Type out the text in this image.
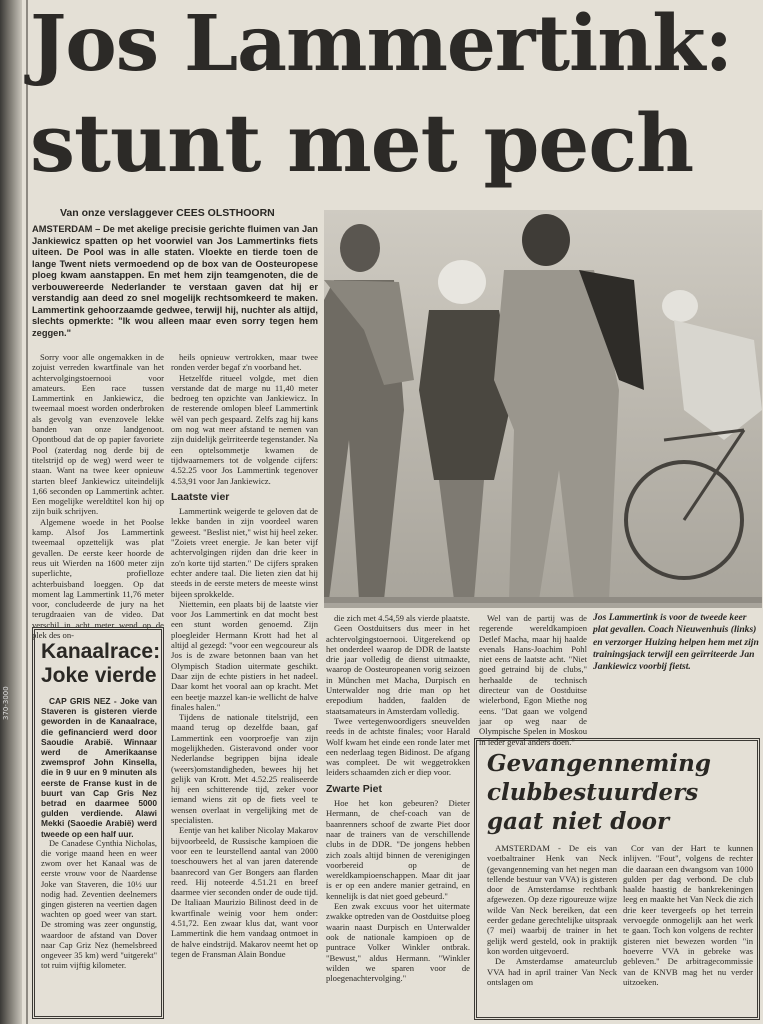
370-3000
Jos Lammertink:
stunt met pech
Van onze verslaggever CEES OLSTHOORN
AMSTERDAM – De met akelige precisie gerichte fluimen van Jan Jankiewicz spatten op het voorwiel van Jos Lammertinks fiets uiteen. De Pool was in alle staten. Vloekte en tierde toen de lange Twent niets vermoedend op de box van de Oosteuropese ploeg kwam aanstappen. En met hem zijn teamgenoten, die de verbouwereerde Nederlander te verstaan gaven dat hij er verstandig aan deed zo snel mogelijk rechtsomkeerd te maken. Lammertink gehoorzaamde gedwee, terwijl hij, nuchter als altijd, slechts opmerkte: "Ik wou alleen maar even sorry tegen hem zeggen."

Sorry voor alle ongemakken in de zojuist verreden kwartfinale van het achtervolgingstoernooi voor amateurs. Een race tussen Lammertink en Jankiewicz, die tweemaal moest worden onderbroken als gevolg van evenzovele lekke banden van onze landgenoot. Opontboud dat de op papier favoriete Pool (zaterdag nog derde bij de titelstrijd op de weg) werd weer te staan. Want na twee keer opnieuw starten bleef Jankiewicz uiteindelijk 1,66 seconden op Lammertink achter. Een mogelijke wereldtitel kon hij op zijn buik schrijven.

Algemene woede in het Poolse kamp. Alsof Jos Lammertink tweemaal opzettelijk was plat gevallen. De eerste keer hoorde de reus uit Wierden na 1600 meter zijn superlichte, profielloze achterbuisband loeggen. Op dat moment lag Lammertink 11,76 meter voor, concludeerde de jury na het terugdraaien van de video. Dat verschil in acht meter wend op de plek des on-

heils opnieuw vertrokken, maar twee ronden verder begaf z'n voorband het.

Hetzelfde ritueel volgde, met dien verstande dat de marge nu 11,40 meter bedroeg ten opzichte van Jankiewicz. In de resterende omlopen bleef Lammertink wèl van pech gespaard. Zelfs zag hij kans om nog wat meer afstand te nemen van zijn duidelijk geïrriteerde tegenstander. Na een optelsommetje kwamen de tijdwaarnemers tot de volgende cijfers: 4.52.25 voor Jos Lammertink tegenover 4.53,91 voor Jan Jankiewicz.

Laatste vier

Lammertink weigerde te geloven dat de lekke banden in zijn voordeel waren geweest. "Beslist niet," wist hij heel zeker. "Zoiets vreet energie. Je kan beter vijf achtervolgingen rijden dan drie keer in zo'n korte tijd starten." De cijfers spraken echter andere taal. Die lieten zien dat hij steeds in de eerste meters de meeste winst bijeen sprokkelde.

Niettemin, een plaats bij de laatste vier voor Jos Lammertink en dat mocht best een stunt worden genoemd. Zijn ploegleider Hermann Krott had het al altijd al gezegd: "voor een wegcoureur als Jos is de zware betonnen baan van het Olympisch Stadion uitermate geschikt. Daar zijn de echte pistiers in het nadeel. Daar komt het vooral aan op kracht. Met een beetje mazzel kan-ie wellicht de halve finales halen."

Tijdens de nationale titelstrijd, een maand terug op dezelfde baan, gaf Lammertink een voorproefje van zijn mogelijkheden. Gisteravond onder voor Nederlandse begrippen bijna ideale (weers)omstandigheden, bewees hij het gelijk van Krott. Met 4.52.25 realiseerde hij een schitterende tijd, zeker voor iemand wiens zit op de fiets veel te wensen overlaat in vergelijking met de specialisten.

Eentje van het kaliber Nicolay Makarov bijvoorbeeld, de Russische kampioen die voor een te leurstellend aantal van 2000 toeschouwers het al van jaren daterende baanrecord van Ger Bongers aan flarden reed. Hij noteerde 4.51.21 en breef daarmee vier seconden onder de oude tijd. De Italiaan Maurizio Bilinost deed in de kwartfinale weinig voor hem onder: 4.51,72. Een zwaar klus dat, want voor Lammertink die hem vandaag ontmoet in de halve eindstrijd. Makarov neemt het op tegen de Fransman Alain Bondue

die zich met 4.54,59 als vierde plaatste.

Geen Oostduitsers dus meer in het achtervolgingstoernooi. Uitgerekend op het onderdeel waarop de DDR de laatste drie jaar volledig de dienst uitmaakte, waarop de Oosteuropeanen vorig seizoen in München met Macha, Durpisch en Unterwalder nog drie man op het erepodium hadden, faalden de staatsamateurs in Amsterdam volledig.

Twee vertegenwoordigers sneuvelden reeds in de achtste finales; voor Harald Wolf kwam het einde een ronde later met een nederlaag tegen Bidinost. De afgang was compleet. De wit weggetrokken leiders schaamden zich er diep voor.

Zwarte Piet

Hoe het kon gebeuren? Dieter Hermann, de chef-coach van de baanrenners schoof de zwarte Piet door naar de trainers van de verschillende clubs in de DDR. "De jongens hebben zich zoals altijd binnen de verenigingen voorbereid op de wereldkampioenschappen. Maar dit jaar is er op een andere manier getraind, en kennelijk is dat niet goed gebeurd."

Een zwak excuus voor het uitermate zwakke optreden van de Oostduitse ploeg waarin naast Durpisch en Unterwalder ook de nationale kampioen op de puntrace Volker Winkler ontbrak. "Bewust," aldus Hermann. "Winkler wilden we sparen voor de ploegenachtervolging."

Wel van de partij was de regerende wereldkampioen Detlef Macha, maar hij haalde evenals Hans-Joachim Pohl niet eens de laatste acht. "Niet goed getraind bij de clubs," herhaalde de technisch directeur van de Oostduitse wielerbond, Egon Miethe nog eens. "Dat gaan we volgend jaar op weg naar de Olympische Spelen in Moskou in ieder geval anders doen."

Jos Lammertink is voor de tweede keer plat gevallen. Coach Nieuwenhuis (links) en verzorger Huizing helpen hem met zijn trainingsjack terwijl een geïrriteerde Jan Jankiewicz voorbij fietst.
Kanaalrace: Joke vierde

CAP GRIS NEZ - Joke van Staveren is gisteren vierde geworden in de Kanaalrace, die gefinancierd werd door Saoudie Arabië. Winnaar werd de Amerikaanse zwemsprof John Kinsella, die in 9 uur en 9 minuten als eerste de Franse kust in de buurt van Cap Gris Nez betrad en daarmee 5000 gulden verdiende. Alawi Mekki (Saoedie Arabië) werd tweede op een half uur.

De Canadese Cynthia Nicholas, die vorige maand heen en weer zwom over het Kanaal was de eerste vrouw voor de Naardense Joke van Staveren, die 10½ uur nodig had. Zeventien deelnemers gingen gisteren na veertien dagen wachten op goed weer van start. De stroming was zeer ongunstig, waardoor de afstand van Dover naar Cap Griz Nez (hemelsbreed ongeveer 35 km) werd "uitgerekt" tot ruim vijftig kilometer.

Gevangenneming clubbestuurders gaat niet door

AMSTERDAM - De eis van voetbaltrainer Henk van Neck (gevangenneming van het negen man tellende bestuur van VVA) is gisteren door de Amsterdamse rechtbank afgewezen. Op deze rigoureuze wijze wilde Van Neck bereiken, dat een eerder gedane gerechtelijke uitspraak (7 mei) waarbij de trainer in het gelijk werd gesteld, ook in praktijk kon worden uitgevoerd.

De Amsterdamse amateurclub VVA had in april trainer Van Neck ontslagen om

Cor van der Hart te kunnen inlijven. "Fout", volgens de rechter die daaraan een dwangsom van 1000 gulden per dag verbond. De club haalde haastig de bankrekeningen leeg en maakte het Van Neck die zich drie keer tevergeefs op het terrein vervoegde onmogelijk aan het werk te gaan. Toch kon volgens de rechter gisteren niet bewezen worden "in hoeverre VVA in gebreke was gebleven." De arbitragecommissie van de KNVB mag het nu verder uitzoeken.
